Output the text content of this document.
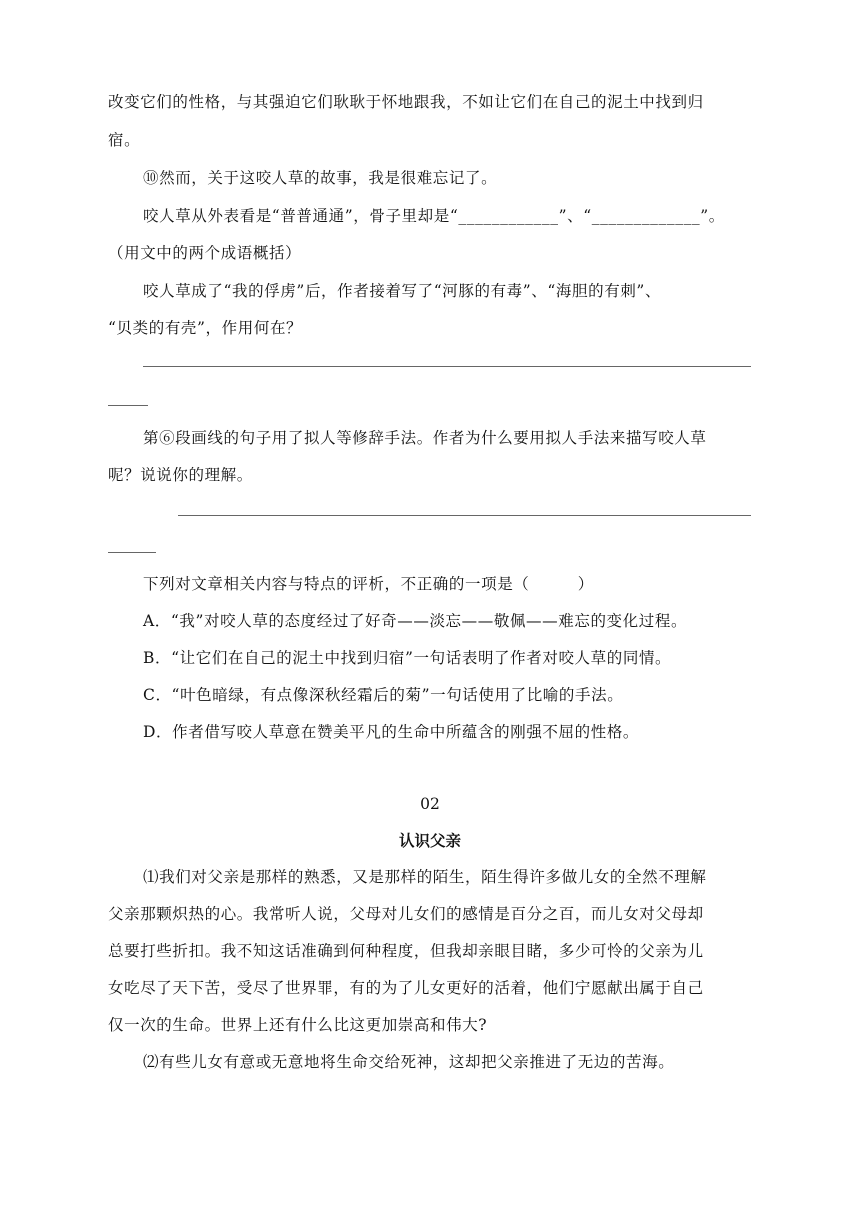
改变它们的性格，与其强迫它们耿耿于怀地跟我，不如让它们在自己的泥土中找到归
宿。
⑩然而，关于这咬人草的故事，我是很难忘记了。
咬人草从外表看是“普普通通”，骨子里却是“____________”、“_____________”。
（用文中的两个成语概括）
咬人草成了“我的俘虏”后，作者接着写了“河豚的有毒”、“海胆的有刺”、
“贝类的有壳”，作用何在？
第⑥段画线的句子用了拟人等修辞手法。作者为什么要用拟人手法来描写咬人草
呢？说说你的理解。
下列对文章相关内容与特点的评析，不正确的一项是（　　　）
A．“我”对咬人草的态度经过了好奇——淡忘——敬佩——难忘的变化过程。
B．“让它们在自己的泥土中找到归宿”一句话表明了作者对咬人草的同情。
C．“叶色暗绿，有点像深秋经霜后的菊”一句话使用了比喻的手法。
D．作者借写咬人草意在赞美平凡的生命中所蕴含的刚强不屈的性格。
02
认识父亲
⑴我们对父亲是那样的熟悉，又是那样的陌生，陌生得许多做儿女的全然不理解
父亲那颗炽热的心。我常听人说，父母对儿女们的感情是百分之百，而儿女对父母却
总要打些折扣。我不知这话准确到何种程度，但我却亲眼目睹，多少可怜的父亲为儿
女吃尽了天下苦，受尽了世界罪，有的为了儿女更好的活着，他们宁愿献出属于自己
仅一次的生命。世界上还有什么比这更加崇高和伟大?
⑵有些儿女有意或无意地将生命交给死神，这却把父亲推进了无边的苦海。
